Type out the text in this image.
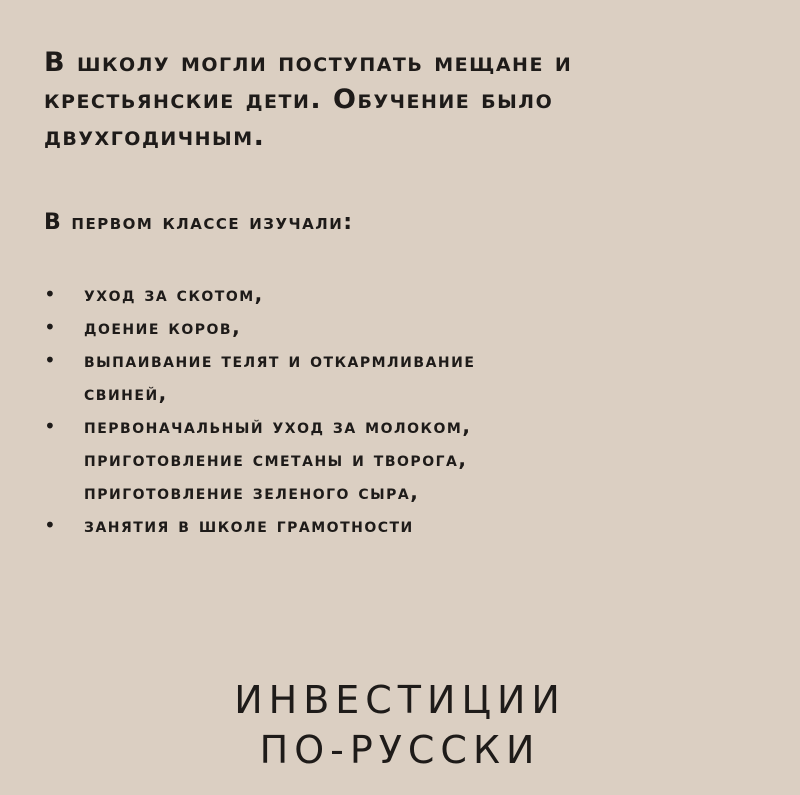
В школу могли поступать мещане и крестьянские дети. Обучение было двухгодичным.

В первом классе изучали:

• уход за скотом,
• доение коров,
• выпаивание телят и откармливание
свиней,
• первоначальный уход за молоком,
приготовление сметаны и творога,
приготовление зеленого сыра,
• занятия в школе грамотности
ИНВЕСТИЦИИ
ПО-РУССКИ
